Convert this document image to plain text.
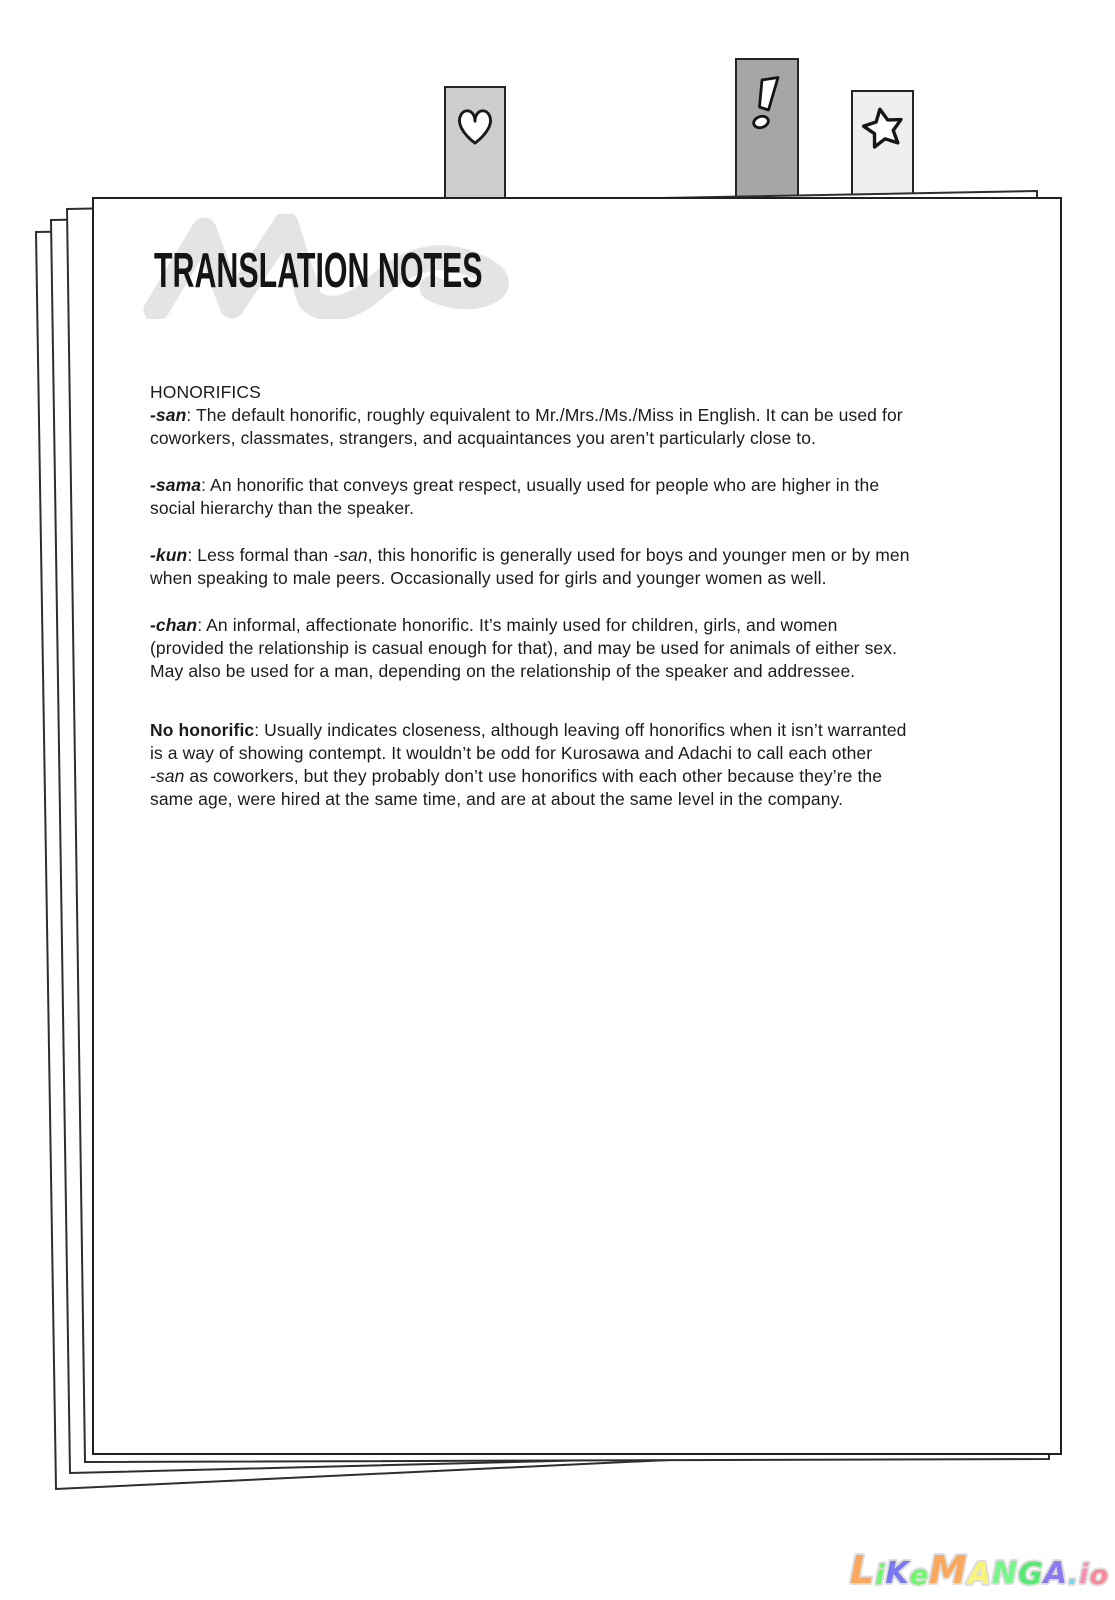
TRANSLATION NOTES
HONORIFICS
-san: The default honorific, roughly equivalent to Mr./Mrs./Ms./Miss in English. It can be used for
coworkers, classmates, strangers, and acquaintances you aren’t particularly close to.
-sama: An honorific that conveys great respect, usually used for people who are higher in the
social hierarchy than the speaker.
-kun: Less formal than -san, this honorific is generally used for boys and younger men or by men
when speaking to male peers. Occasionally used for girls and younger women as well.
-chan: An informal, affectionate honorific. It’s mainly used for children, girls, and women
(provided the relationship is casual enough for that), and may be used for animals of either sex.
May also be used for a man, depending on the relationship of the speaker and addressee.
No honorific: Usually indicates closeness, although leaving off honorifics when it isn’t warranted
is a way of showing contempt. It wouldn’t be odd for Kurosawa and Adachi to call each other
-san as coworkers, but they probably don’t use honorifics with each other because they’re the
same age, were hired at the same time, and are at about the same level in the company.
LiKeMANGA.io
